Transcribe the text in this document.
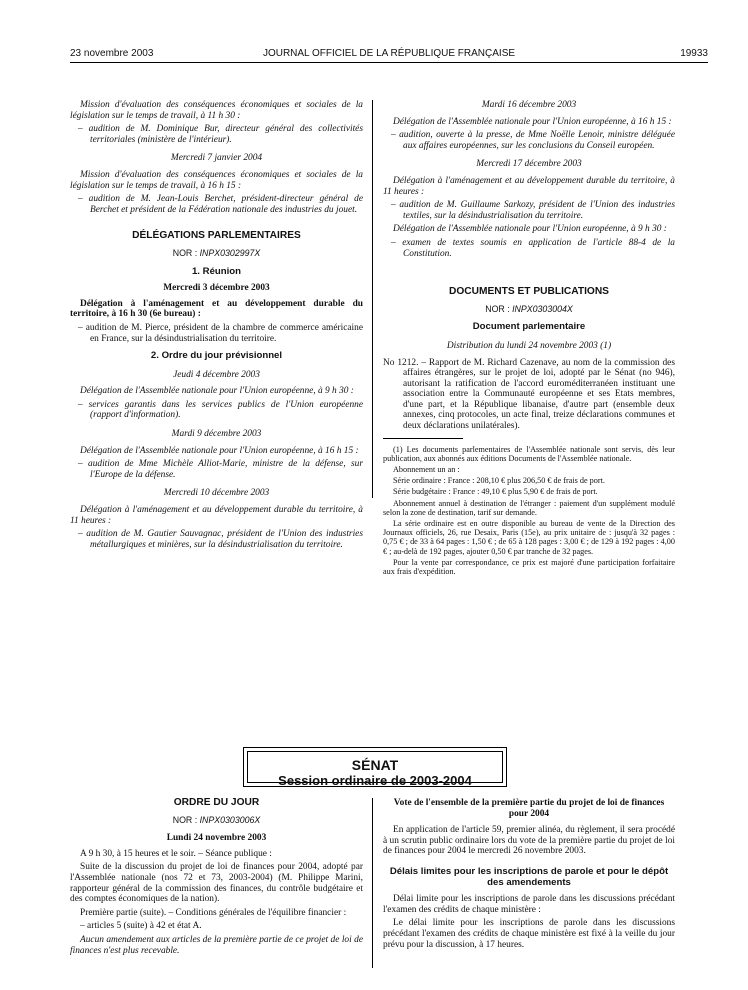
23 novembre 2003	JOURNAL OFFICIEL DE LA RÉPUBLIQUE FRANÇAISE	19933

Mission d'évaluation des conséquences économiques et sociales de la législation sur le temps de travail, à 11 h 30 :

– audition de M. Dominique Bur, directeur général des collectivités territoriales (ministère de l'intérieur).

Mercredi 7 janvier 2004

Mission d'évaluation des conséquences économiques et sociales de la législation sur le temps de travail, à 16 h 15 :

– audition de M. Jean-Louis Berchet, président-directeur général de Berchet et président de la Fédération nationale des industries du jouet.

DÉLÉGATIONS PARLEMENTAIRES

NOR : INPX0302997X

1. Réunion

Mercredi 3 décembre 2003

Délégation à l'aménagement et au développement durable du territoire, à 16 h 30 (6e bureau) :

– audition de M. Pierce, président de la chambre de commerce américaine en France, sur la désindustrialisation du territoire.

2. Ordre du jour prévisionnel

Jeudi 4 décembre 2003

Délégation de l'Assemblée nationale pour l'Union européenne, à 9 h 30 :

– services garantis dans les services publics de l'Union européenne (rapport d'information).

Mardi 9 décembre 2003

Délégation de l'Assemblée nationale pour l'Union européenne, à 16 h 15 :

– audition de Mme Michèle Alliot-Marie, ministre de la défense, sur l'Europe de la défense.

Mercredi 10 décembre 2003

Délégation à l'aménagement et au développement durable du territoire, à 11 heures :

– audition de M. Gautier Sauvagnac, président de l'Union des industries métallurgiques et minières, sur la désindustrialisation du territoire.

Mardi 16 décembre 2003

Délégation de l'Assemblée nationale pour l'Union européenne, à 16 h 15 :

– audition, ouverte à la presse, de Mme Noëlle Lenoir, ministre déléguée aux affaires européennes, sur les conclusions du Conseil européen.

Mercredi 17 décembre 2003

Délégation à l'aménagement et au développement durable du territoire, à 11 heures :

– audition de M. Guillaume Sarkozy, président de l'Union des industries textiles, sur la désindustrialisation du territoire.

Délégation de l'Assemblée nationale pour l'Union européenne, à 9 h 30 :

– examen de textes soumis en application de l'article 88-4 de la Constitution.

DOCUMENTS ET PUBLICATIONS

NOR : INPX0303004X

Document parlementaire

Distribution du lundi 24 novembre 2003 (1)

No 1212. – Rapport de M. Richard Cazenave, au nom de la commission des affaires étrangères, sur le projet de loi, adopté par le Sénat (no 946), autorisant la ratification de l'accord euroméditerranéen instituant une association entre la Communauté européenne et ses Etats membres, d'une part, et la République libanaise, d'autre part (ensemble deux annexes, cinq protocoles, un acte final, treize déclarations communes et deux déclarations unilatérales).

(1) Les documents parlementaires de l'Assemblée nationale sont servis, dès leur publication, aux abonnés aux éditions Documents de l'Assemblée nationale.

Abonnement un an :

Série ordinaire : France : 208,10 € plus 206,50 € de frais de port.

Série budgétaire : France : 49,10 € plus 5,90 € de frais de port.

Abonnement annuel à destination de l'étranger : paiement d'un supplément modulé selon la zone de destination, tarif sur demande.

La série ordinaire est en outre disponible au bureau de vente de la Direction des Journaux officiels, 26, rue Desaix, Paris (15e), au prix unitaire de : jusqu'à 32 pages : 0,75 € ; de 33 à 64 pages : 1,50 € ; de 65 à 128 pages : 3,00 € ; de 129 à 192 pages : 4,00 € ; au-delà de 192 pages, ajouter 0,50 € par tranche de 32 pages.

Pour la vente par correspondance, ce prix est majoré d'une participation forfaitaire aux frais d'expédition.

SÉNAT
Session ordinaire de 2003-2004

ORDRE DU JOUR

NOR : INPX0303006X

Lundi 24 novembre 2003

A 9 h 30, à 15 heures et le soir. – Séance publique :

Suite de la discussion du projet de loi de finances pour 2004, adopté par l'Assemblée nationale (nos 72 et 73, 2003-2004) (M. Philippe Marini, rapporteur général de la commission des finances, du contrôle budgétaire et des comptes économiques de la nation).

Première partie (suite). – Conditions générales de l'équilibre financier :

– articles 5 (suite) à 42 et état A.

Aucun amendement aux articles de la première partie de ce projet de loi de finances n'est plus recevable.

Vote de l'ensemble de la première partie du projet de loi de finances pour 2004

En application de l'article 59, premier alinéa, du règlement, il sera procédé à un scrutin public ordinaire lors du vote de la première partie du projet de loi de finances pour 2004 le mercredi 26 novembre 2003.

Délais limites pour les inscriptions de parole et pour le dépôt des amendements

Délai limite pour les inscriptions de parole dans les discussions précédant l'examen des crédits de chaque ministère :

Le délai limite pour les inscriptions de parole dans les discussions précédant l'examen des crédits de chaque ministère est fixé à la veille du jour prévu pour la discussion, à 17 heures.
